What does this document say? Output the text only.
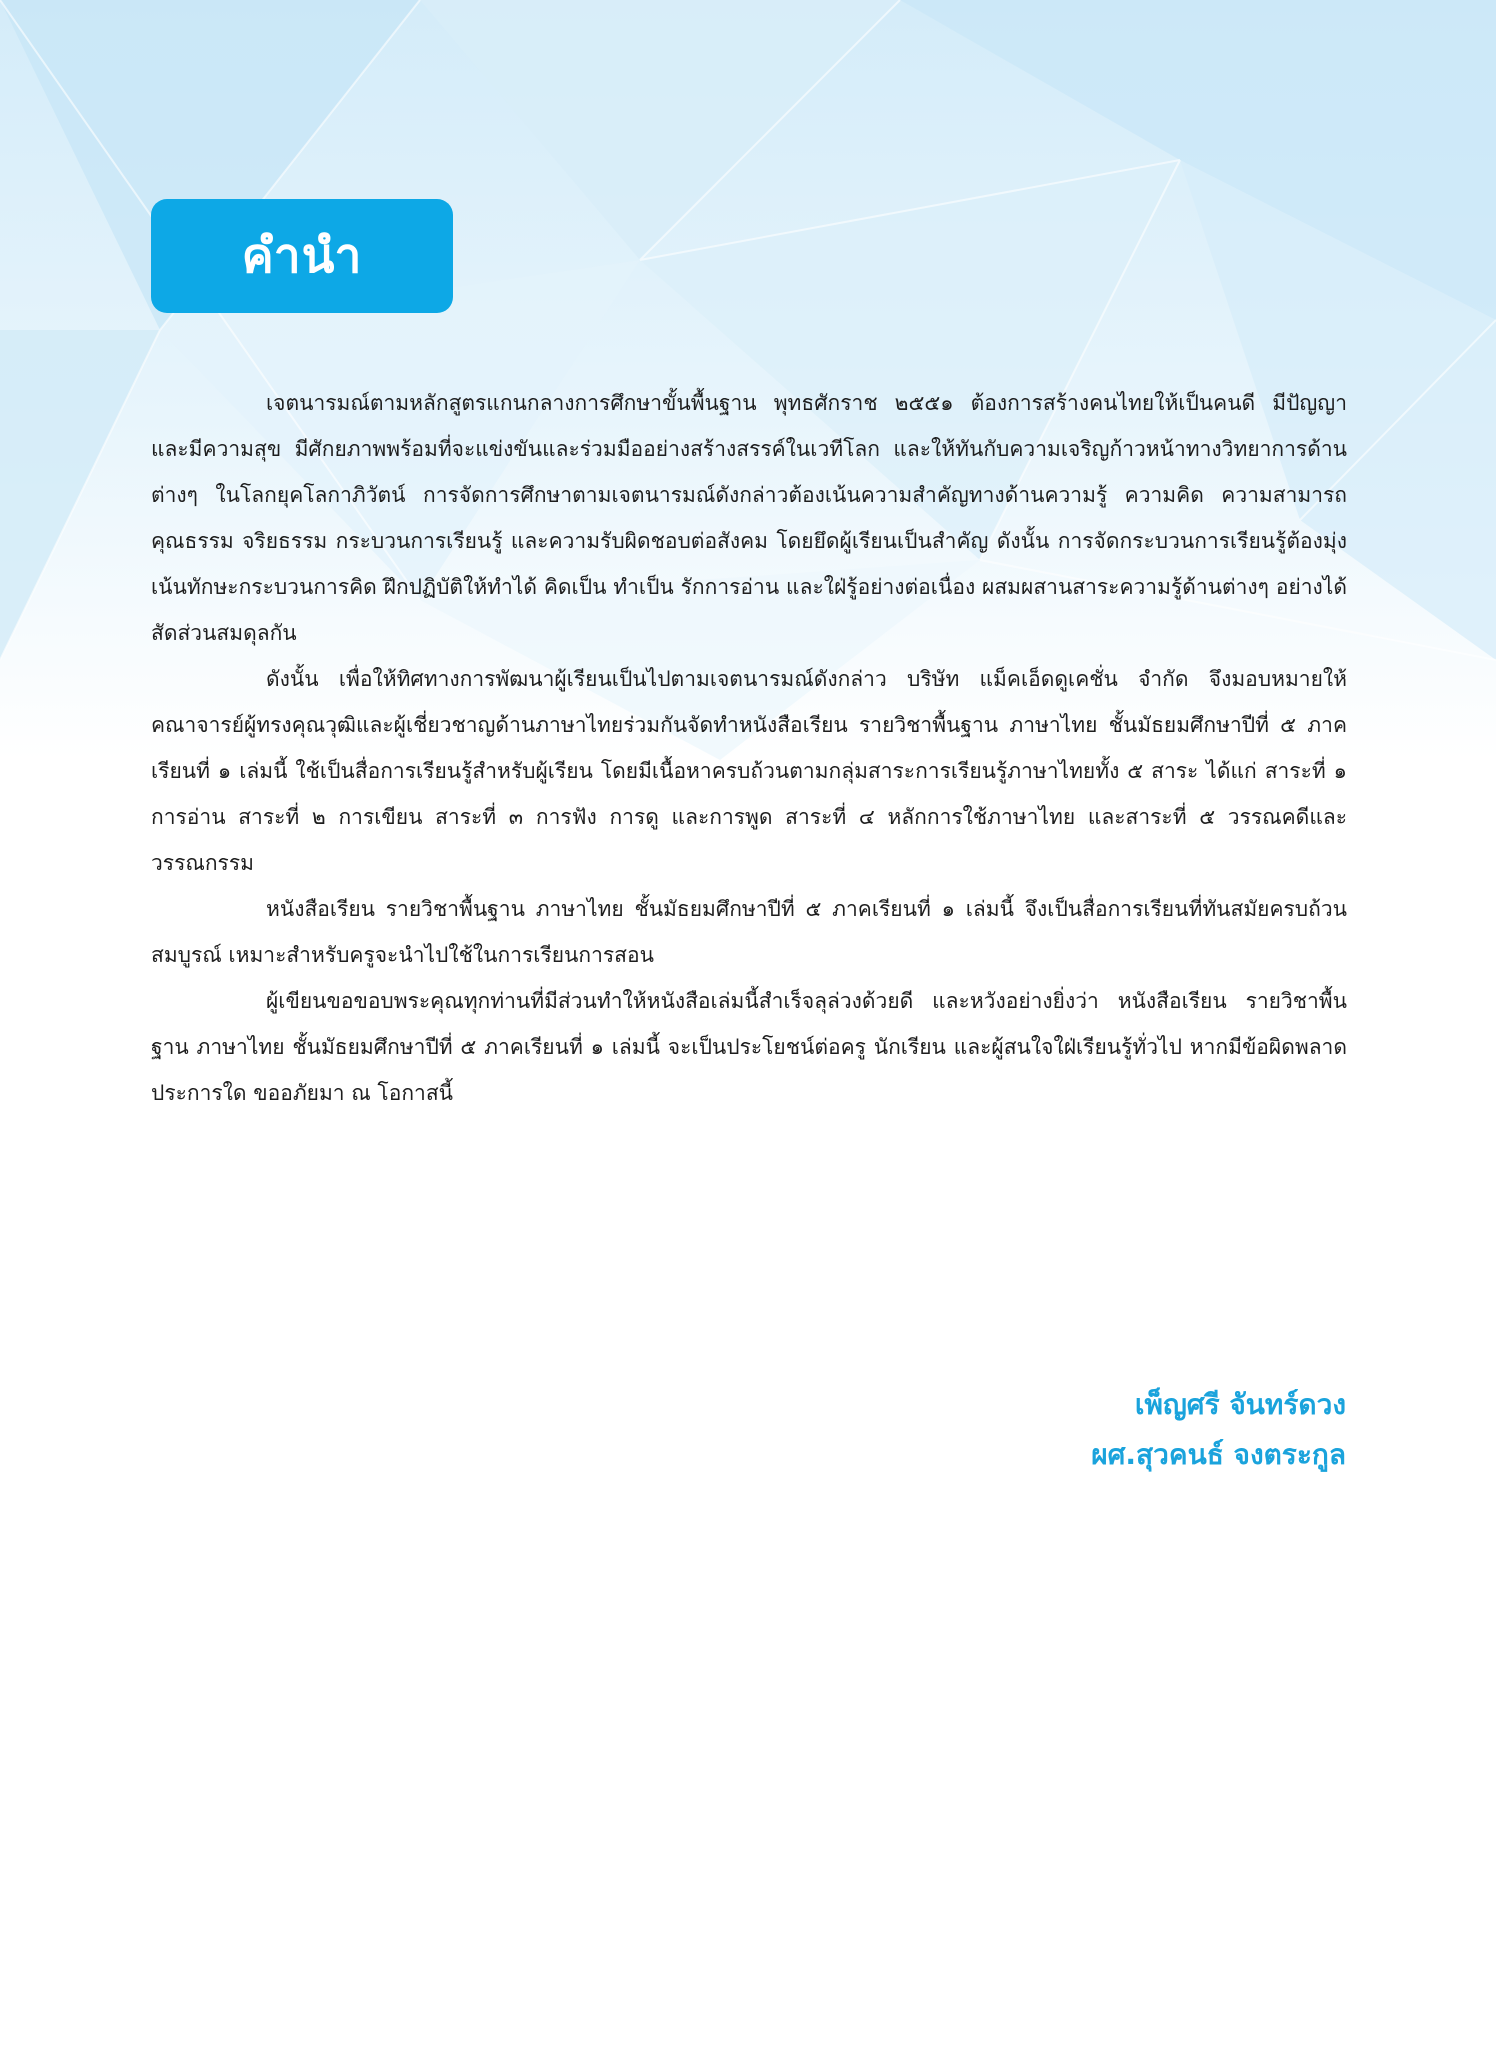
คำนำ

เจตนารมณ์ตามหลักสูตรแกนกลางการศึกษาขั้นพื้นฐาน พุทธศักราช ๒๕๕๑ ต้องการสร้างคนไทยให้เป็นคนดี มีปัญญา และมีความสุข มีศักยภาพพร้อมที่จะแข่งขันและร่วมมืออย่างสร้างสรรค์ในเวทีโลก และให้ทันกับความเจริญก้าวหน้าทางวิทยาการด้านต่างๆ ในโลกยุคโลกาภิวัตน์ การจัดการศึกษาตามเจตนารมณ์ดังกล่าวต้องเน้นความสำคัญทางด้านความรู้ ความคิด ความสามารถ คุณธรรม จริยธรรม กระบวนการเรียนรู้ และความรับผิดชอบต่อสังคม โดยยึดผู้เรียนเป็นสำคัญ ดังนั้น การจัดกระบวนการเรียนรู้ต้องมุ่งเน้นทักษะกระบวนการคิด ฝึกปฏิบัติให้ทำได้ คิดเป็น ทำเป็น รักการอ่าน และใฝ่รู้อย่างต่อเนื่อง ผสมผสานสาระความรู้ด้านต่างๆ อย่างได้สัดส่วนสมดุลกัน

ดังนั้น เพื่อให้ทิศทางการพัฒนาผู้เรียนเป็นไปตามเจตนารมณ์ดังกล่าว บริษัท แม็คเอ็ดดูเคชั่น จำกัด จึงมอบหมายให้คณาจารย์ผู้ทรงคุณวุฒิและผู้เชี่ยวชาญด้านภาษาไทยร่วมกันจัดทำหนังสือเรียน รายวิชาพื้นฐาน ภาษาไทย ชั้นมัธยมศึกษาปีที่ ๕ ภาคเรียนที่ ๑ เล่มนี้ ใช้เป็นสื่อการเรียนรู้สำหรับผู้เรียน โดยมีเนื้อหาครบถ้วนตามกลุ่มสาระการเรียนรู้ภาษาไทยทั้ง ๕ สาระ ได้แก่ สาระที่ ๑ การอ่าน สาระที่ ๒ การเขียน สาระที่ ๓ การฟัง การดู และการพูด สาระที่ ๔ หลักการใช้ภาษาไทย และสาระที่ ๕ วรรณคดีและวรรณกรรม

หนังสือเรียน รายวิชาพื้นฐาน ภาษาไทย ชั้นมัธยมศึกษาปีที่ ๕ ภาคเรียนที่ ๑ เล่มนี้ จึงเป็นสื่อการเรียนที่ทันสมัยครบถ้วนสมบูรณ์ เหมาะสำหรับครูจะนำไปใช้ในการเรียนการสอน

ผู้เขียนขอขอบพระคุณทุกท่านที่มีส่วนทำให้หนังสือเล่มนี้สำเร็จลุล่วงด้วยดี และหวังอย่างยิ่งว่า หนังสือเรียน รายวิชาพื้นฐาน ภาษาไทย ชั้นมัธยมศึกษาปีที่ ๕ ภาคเรียนที่ ๑ เล่มนี้ จะเป็นประโยชน์ต่อครู นักเรียน และผู้สนใจใฝ่เรียนรู้ทั่วไป หากมีข้อผิดพลาดประการใด ขออภัยมา ณ โอกาสนี้

เพ็ญศรี จันทร์ดวง
ผศ.สุวคนธ์ จงตระกูล
